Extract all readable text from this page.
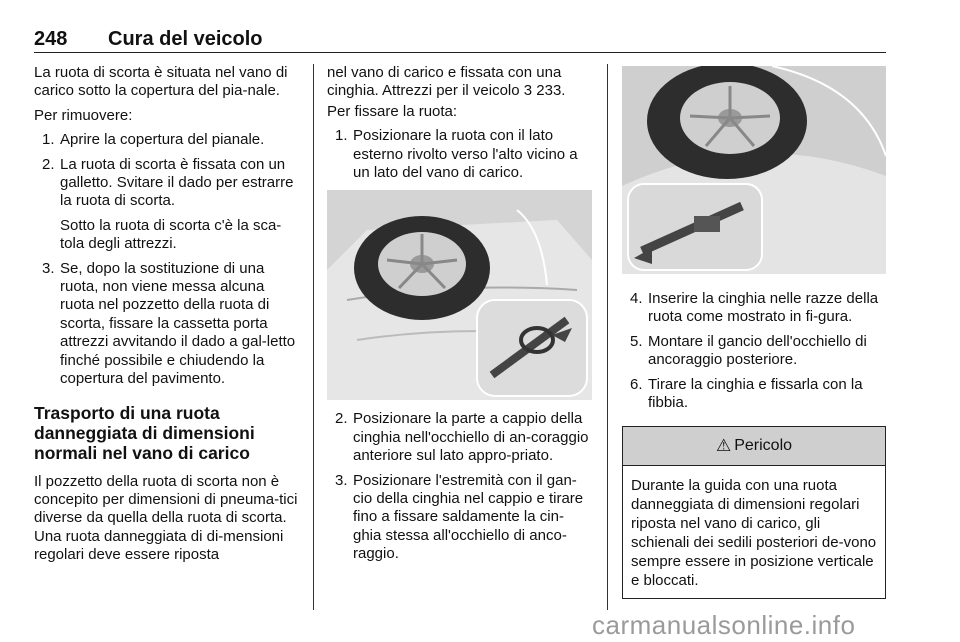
248 Cura del veicolo

La ruota di scorta è situata nel vano di carico sotto la copertura del pia-nale.

Per rimuovere:

1. Aprire la copertura del pianale.
2. La ruota di scorta è fissata con un galletto. Svitare il dado per estrarre la ruota di scorta.
Sotto la ruota di scorta c'è la sca-tola degli attrezzi.
3. Se, dopo la sostituzione di una ruota, non viene messa alcuna ruota nel pozzetto della ruota di scorta, fissare la cassetta porta attrezzi avvitando il dado a gal-letto finché possibile e chiudendo la copertura del pavimento.
Trasporto di una ruota danneggiata di dimensioni normali nel vano di carico

Il pozzetto della ruota di scorta non è concepito per dimensioni di pneuma-tici diverse da quella della ruota di scorta. Una ruota danneggiata di di-mensioni regolari deve essere riposta

nel vano di carico e fissata con una cinghia. Attrezzi per il veicolo 3 233.

Per fissare la ruota:

1. Posizionare la ruota con il lato esterno rivolto verso l'alto vicino a un lato del vano di carico.
2. Posizionare la parte a cappio della cinghia nell'occhiello di an-coraggio anteriore sul lato appro-priato.
3. Posizionare l'estremità con il gan-cio della cinghia nel cappio e tirare fino a fissare saldamente la cin-ghia stessa all'occhiello di anco-raggio.
4. Inserire la cinghia nelle razze della ruota come mostrato in fi-gura.
5. Montare il gancio dell'occhiello di ancoraggio posteriore.
6. Tirare la cinghia e fissarla con la fibbia.
⚠ Pericolo
Durante la guida con una ruota danneggiata di dimensioni regolari riposta nel vano di carico, gli schienali dei sedili posteriori de-vono sempre essere in posizione verticale e bloccati.
carmanualsonline.info
